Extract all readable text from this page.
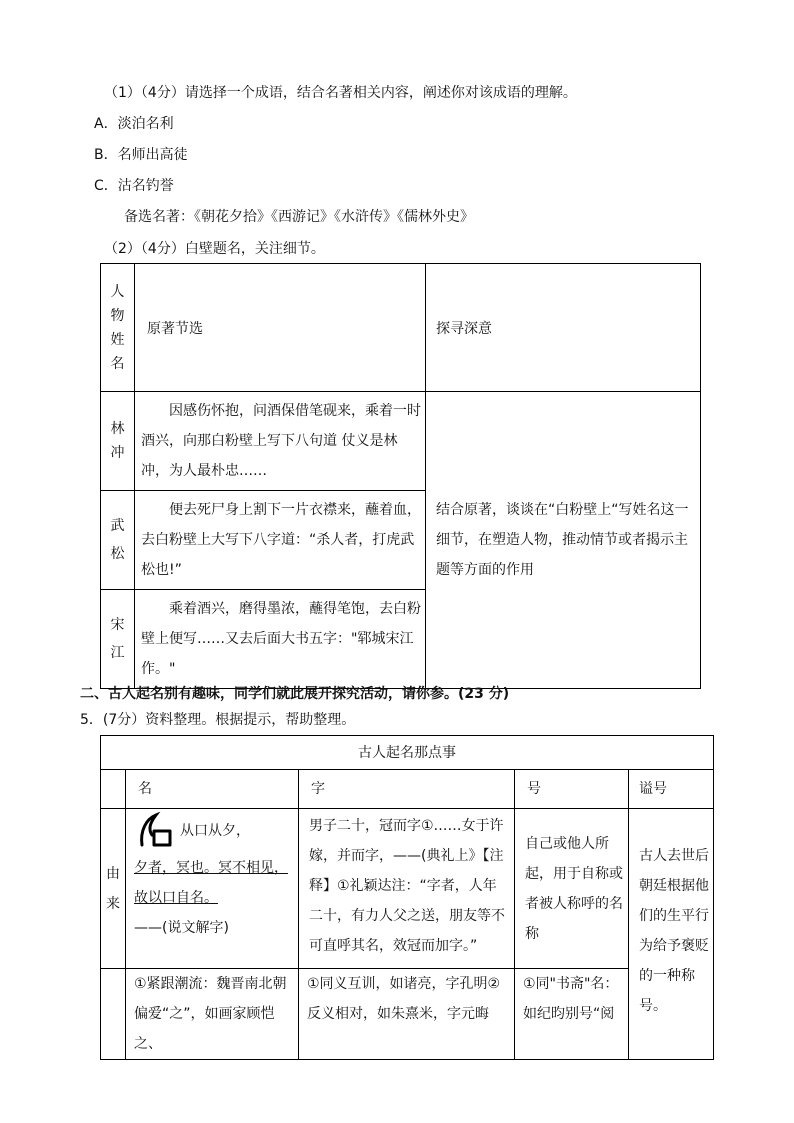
（1）（4分）请选择一个成语，结合名著相关内容，阐述你对该成语的理解。
A．淡泊名利
B．名师出高徒
C．沽名钓誉
备选名著：《朝花夕拾》《西游记》《水浒传》《儒林外史》
（2）（4分）白壁题名，关注细节。
人物姓名	原著节选	探寻深意

林冲	因感伤怀抱，问酒保借笔砚来，乘着一时酒兴，向那白粉壁上写下八句道 仗义是林冲，为人最朴忠……	结合原著，谈谈在“白粉壁上“写姓名这一细节，在塑造人物，推动情节或者揭示主题等方面的作用

武松	便去死尸身上割下一片衣襟来，蘸着血，去白粉壁上大写下八字道：“杀人者，打虎武松也!”	

宋江	乘着酒兴，磨得墨浓，蘸得笔饱，去白粉壁上便写……又去后面大书五字："郓城宋江作。"	
二、古人起名别有趣味，同学们就此展开探究活动，请你参。(23 分)
5．(7分）资料整理。根据提示，帮助整理。
古人起名那点事				
	名	字	号	谥号

由来	从口从夕，
夕者，冥也。冥不相见，故以口自名。
——(说文解字)	男子二十，冠而字①……女于许嫁，并而字，——(典礼上》【注释】①礼颖达注：“字者，人年二十，有力人父之送，朋友等不可直呼其名，效冠而加字。”	自己或他人所起，用于自称或者被人称呼的名称	古人去世后朝廷根据他们的生平行为给予褒贬的一种称号。

	①紧跟潮流：魏晋南北朝偏爱“之”，如画家顾恺之、	①同义互训，如诸亮，字孔明②反义相对，如朱熹米，字元晦	①同"书斋"名：如纪昀别号“阅	
